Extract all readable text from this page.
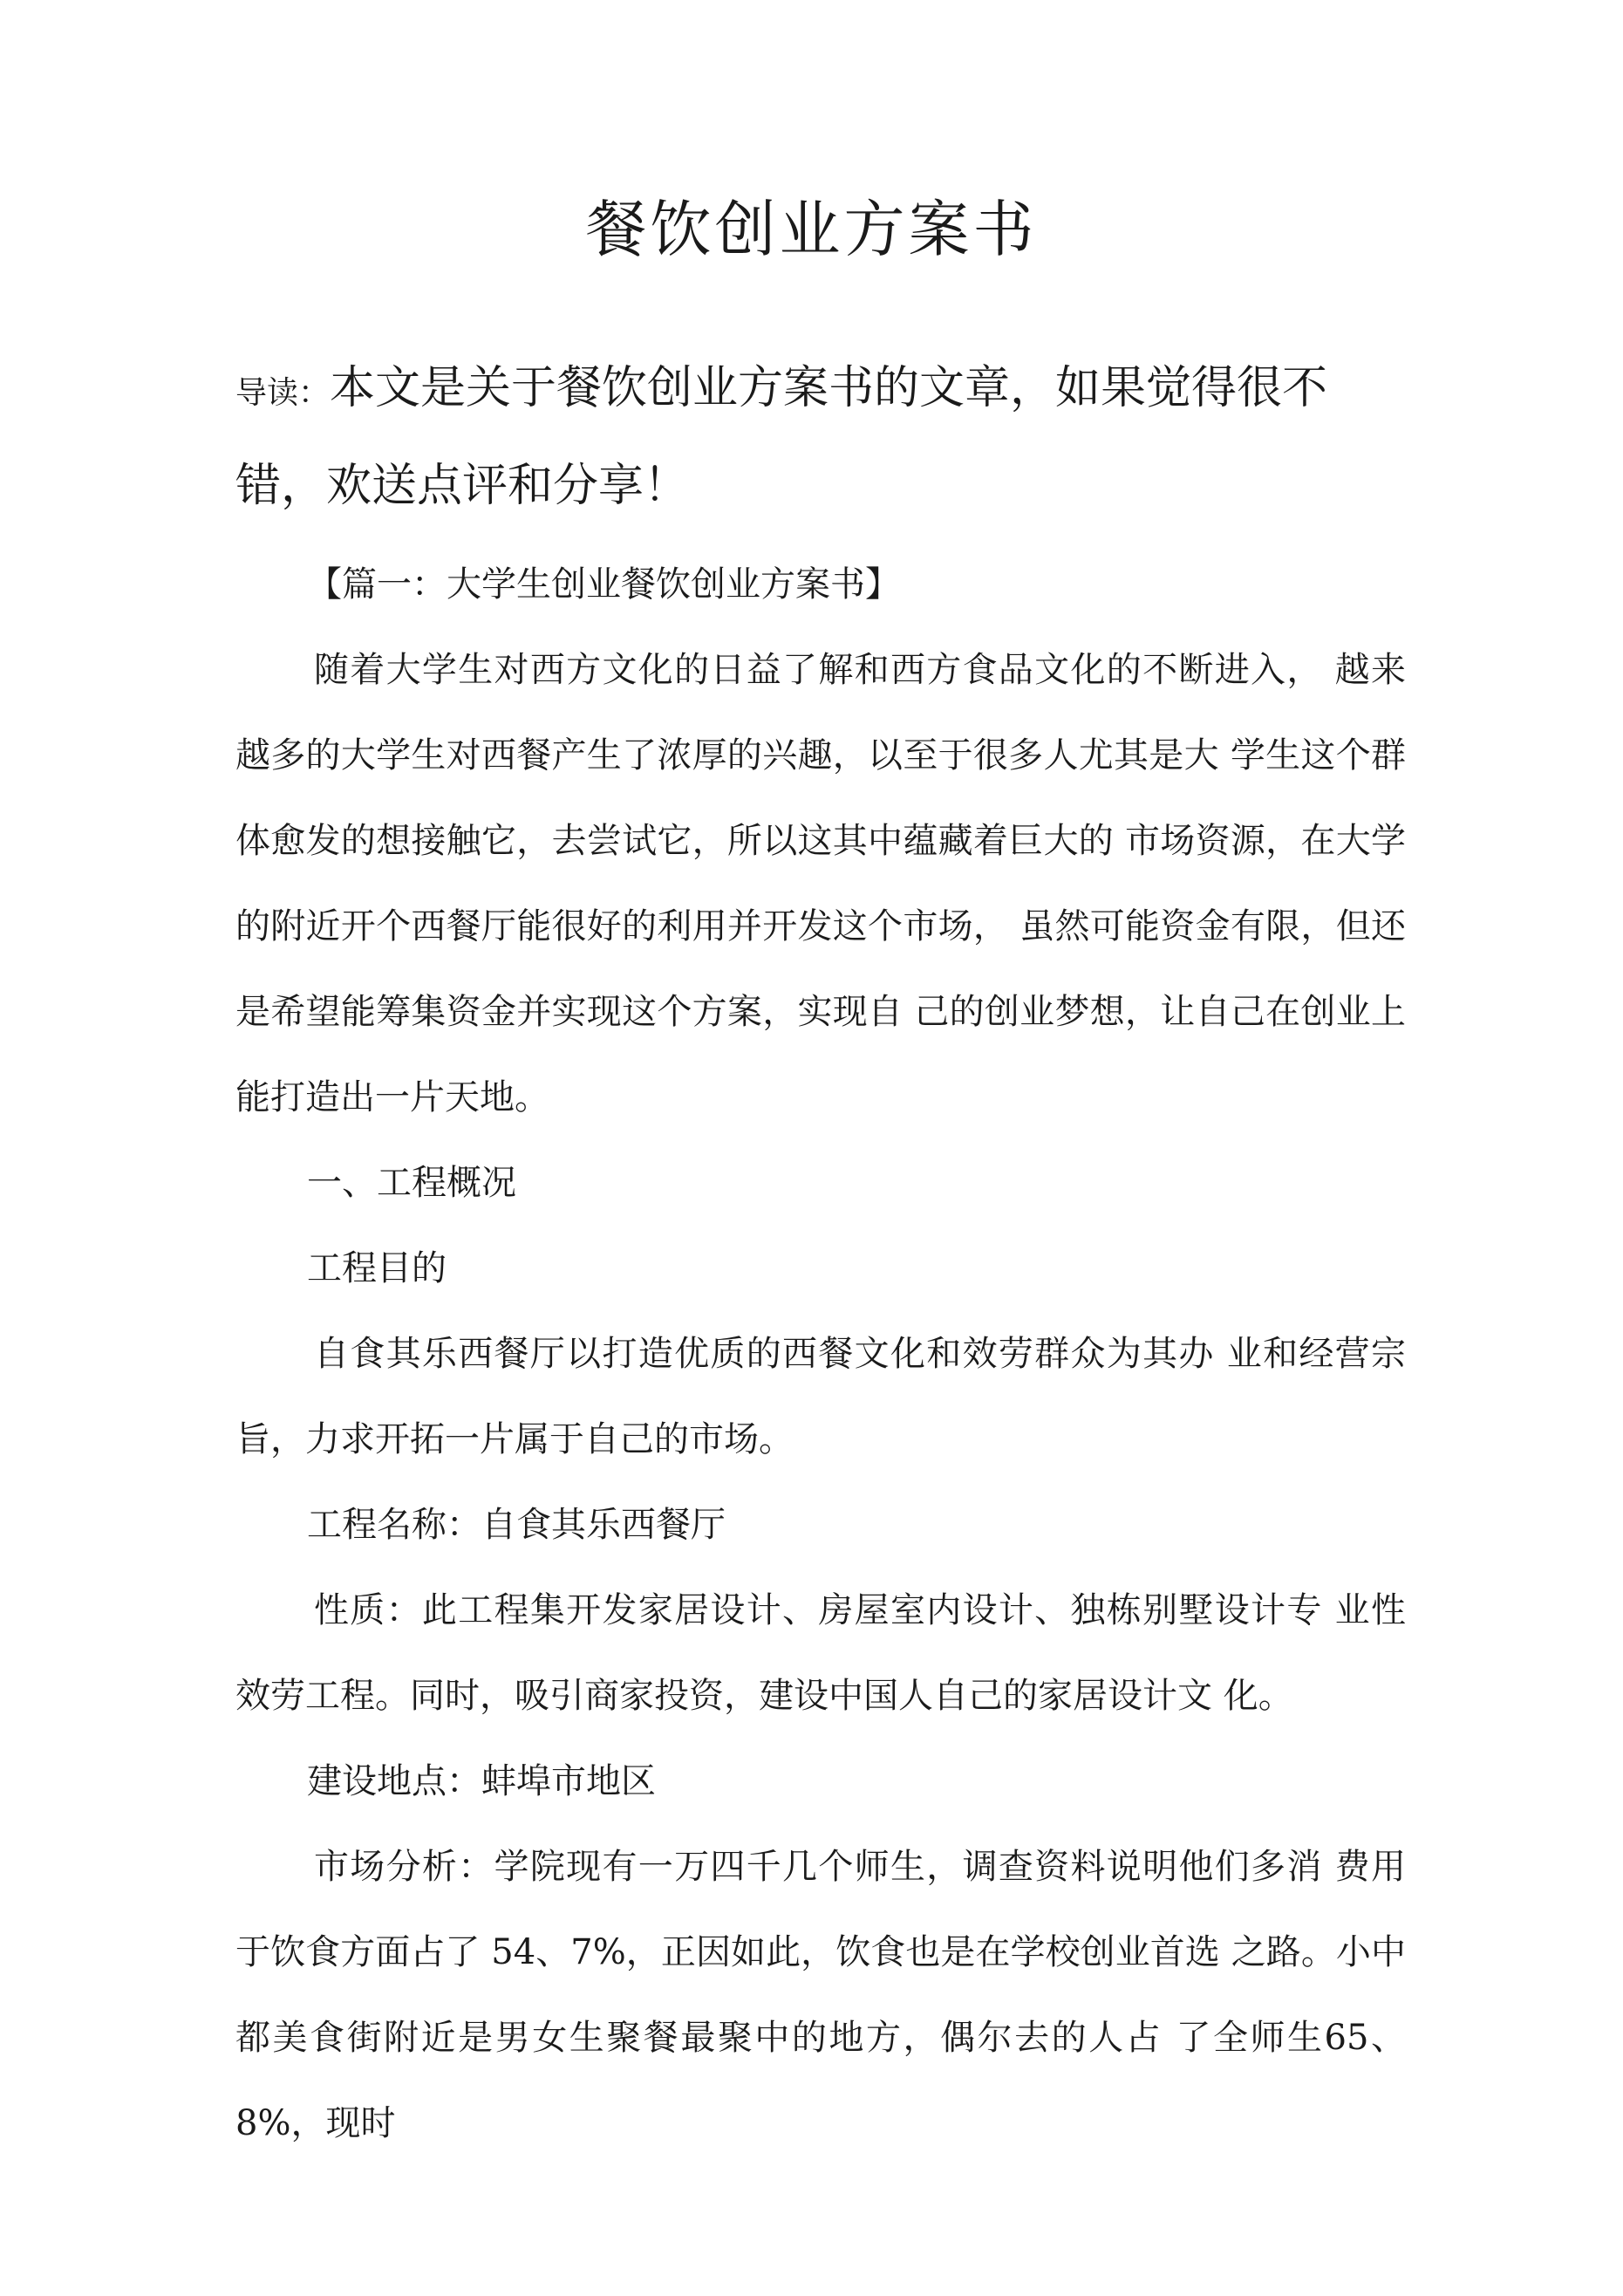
餐饮创业方案书

导读：本文是关于餐饮创业方案书的文章，如果觉得很不错，欢送点评和分享！

【篇一：大学生创业餐饮创业方案书】

随着大学生对西方文化的日益了解和西方食品文化的不断进入， 越来越多的大学生对西餐产生了浓厚的兴趣，以至于很多人尤其是大 学生这个群体愈发的想接触它，去尝试它，所以这其中蕴藏着巨大的 市场资源，在大学的附近开个西餐厅能很好的利用并开发这个市场， 虽然可能资金有限，但还是希望能筹集资金并实现这个方案，实现自 己的创业梦想，让自己在创业上能打造出一片天地。

一、工程概况

工程目的

自食其乐西餐厅以打造优质的西餐文化和效劳群众为其办 业和经营宗旨，力求开拓一片属于自己的市场。

工程名称：自食其乐西餐厅

性质：此工程集开发家居设计、房屋室内设计、独栋别墅设计专 业性效劳工程。同时，吸引商家投资，建设中国人自己的家居设计文 化。

建设地点：蚌埠市地区

市场分析：学院现有一万四千几个师生，调查资料说明他们多消 费用于饮食方面占了 54、7%，正因如此，饮食也是在学校创业首选 之路。小中都美食街附近是男女生聚餐最聚中的地方，偶尔去的人占 了全师生65、8%，现时
